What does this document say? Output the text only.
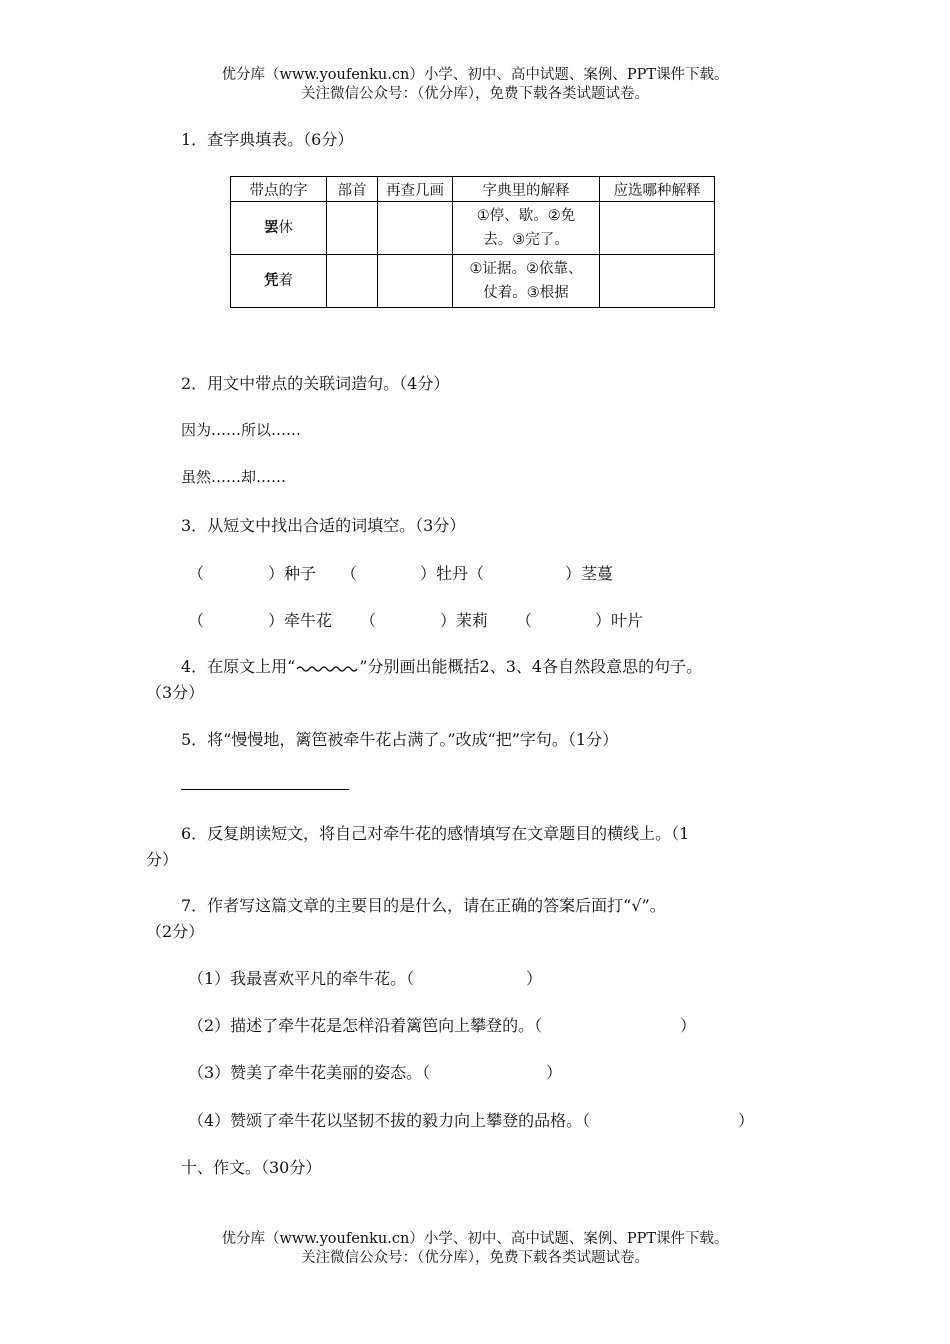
优分库（www.youfenku.cn）小学、初中、高中试题、案例、PPT课件下载。
关注微信公众号：（优分库），免费下载各类试题试卷。
1．查字典填表。（6分）
带点的字	部首	再查几画	字典里的解释	应选哪种解释
罢休			①停、歇。②免
去。③完了。	

凭着			①证据。②依靠、
仗着。③根据	

2．用文中带点的关联词造句。（4分）
因为……所以……
虽然……却……
3．从短文中找出合适的词填空。（3分）
（	）种子 （	）牡丹（	）茎蔓
（	）牵牛花 （	）茉莉 （	）叶片
4．在原文上用“	”分别画出能概括2、3、4各自然段意思的句子。
（3分）
5．将“慢慢地，篱笆被牵牛花占满了。”改成“把”字句。（1分）
6．反复朗读短文，将自己对牵牛花的感情填写在文章题目的横线上。（1
分）
7．作者写这篇文章的主要目的是什么，请在正确的答案后面打“√”。
（2分）
（1）我最喜欢平凡的牵牛花。（	）
（2）描述了牵牛花是怎样沿着篱笆向上攀登的。（	）
（3）赞美了牵牛花美丽的姿态。（	）
（4）赞颂了牵牛花以坚韧不拔的毅力向上攀登的品格。（	）
十、作文。（30分）
优分库（www.youfenku.cn）小学、初中、高中试题、案例、PPT课件下载。
关注微信公众号：（优分库），免费下载各类试题试卷。
